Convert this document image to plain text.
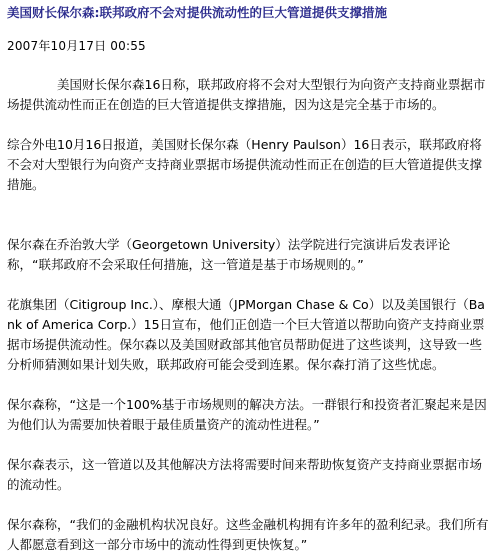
美国财长保尔森:联邦政府不会对提供流动性的巨大管道提供支撑措施
2007年10月17日 00:55

美国财长保尔森16日称，联邦政府将不会对大型银行为向资产支持商业票据市场提供流动性而正在创造的巨大管道提供支撑措施，因为这是完全基于市场的。

综合外电10月16日报道，美国财长保尔森（Henry Paulson）16日表示，联邦政府将不会对大型银行为向资产支持商业票据市场提供流动性而正在创造的巨大管道提供支撑措施。

保尔森在乔治敦大学（Georgetown University）法学院进行完演讲后发表评论称，“联邦政府不会采取任何措施，这一管道是基于市场规则的。”

花旗集团（Citigroup Inc.）、摩根大通（JPMorgan Chase & Co）以及美国银行（Bank of America Corp.）15日宣布，他们正创造一个巨大管道以帮助向资产支持商业票据市场提供流动性。保尔森以及美国财政部其他官员帮助促进了这些谈判，这导致一些分析师猜测如果计划失败，联邦政府可能会受到连累。保尔森打消了这些忧虑。

保尔森称，“这是一个100%基于市场规则的解决方法。一群银行和投资者汇聚起来是因为他们认为需要加快着眼于最佳质量资产的流动性进程。”

保尔森表示，这一管道以及其他解决方法将需要时间来帮助恢复资产支持商业票据市场的流动性。

保尔森称，“我们的金融机构状况良好。这些金融机构拥有许多年的盈利纪录。我们所有人都愿意看到这一部分市场中的流动性得到更快恢复。”
